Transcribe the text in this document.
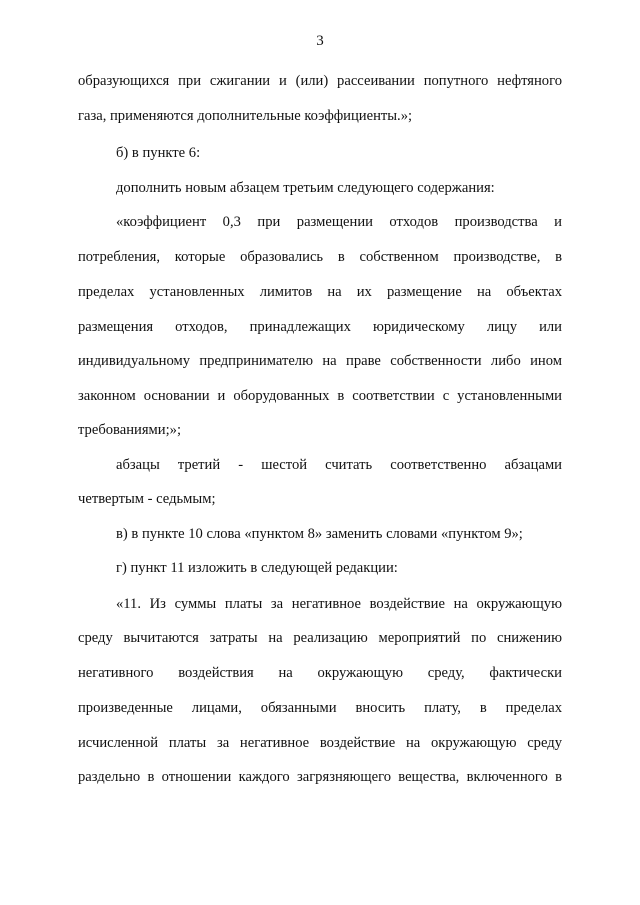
3
образующихся при сжигании и (или) рассеивании попутного нефтяного
газа, применяются дополнительные коэффициенты.»;
б) в пункте 6:
дополнить новым абзацем третьим следующего содержания:
«коэффициент 0,3 при размещении отходов производства и
потребления, которые образовались в собственном производстве, в
пределах установленных лимитов на их размещение на объектах
размещения отходов, принадлежащих юридическому лицу или
индивидуальному предпринимателю на праве собственности либо ином
законном основании и оборудованных в соответствии с установленными
требованиями;»;
абзацы третий - шестой считать соответственно абзацами
четвертым - седьмым;
в) в пункте 10 слова «пунктом 8» заменить словами «пунктом 9»;
г) пункт 11 изложить в следующей редакции:
«11. Из суммы платы за негативное воздействие на окружающую
среду вычитаются затраты на реализацию мероприятий по снижению
негативного воздействия на окружающую среду, фактически
произведенные лицами, обязанными вносить плату, в пределах
исчисленной платы за негативное воздействие на окружающую среду
раздельно в отношении каждого загрязняющего вещества, включенного в
